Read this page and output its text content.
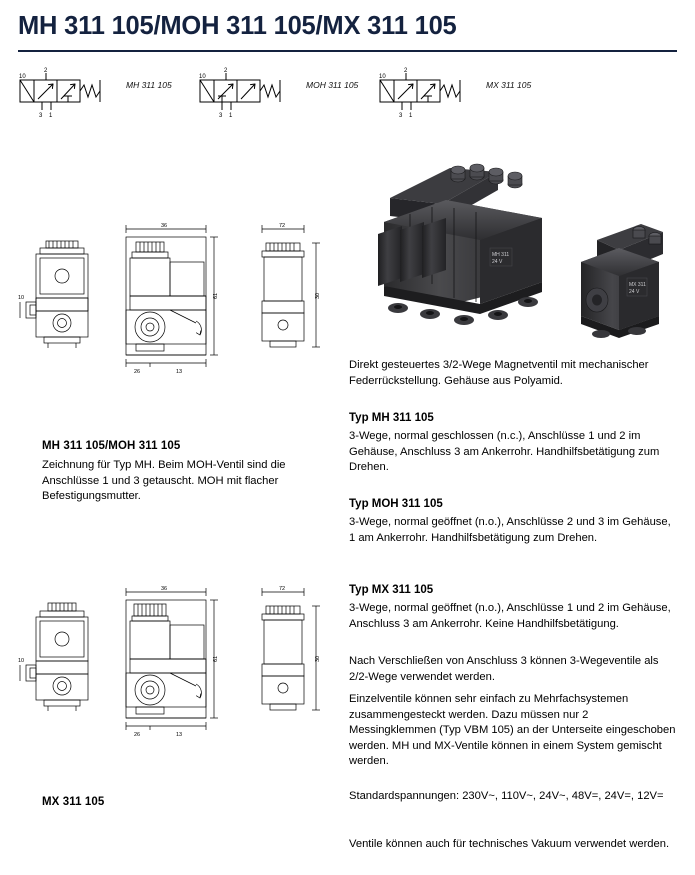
MH 311 105/MOH 311 105/MX 311 105
10
2
3 1
MH 311 105
10
2
3 1
MOH 311 105
10
2
3 1
MX 311 105
36	72
61	30
10
26	13
MH 311 105/MOH 311 105
Zeichnung für Typ MH. Beim MOH-Ventil sind die Anschlüsse 1 und 3 getauscht. MOH mit flacher Befestigungsmutter.
36	72
61	30
10
26	13
MX 311 105
MH 311
24 V
MX 311
24 V
Direkt gesteuertes 3/2-Wege Magnetventil mit mechanischer Federrückstellung. Gehäuse aus Polyamid.
Typ MH 311 105
3-Wege, normal geschlossen (n.c.), Anschlüsse 1 und 2 im Gehäuse, Anschluss 3 am Ankerrohr. Handhilfsbetätigung zum Drehen.
Typ MOH 311 105
3-Wege, normal geöffnet (n.o.), Anschlüsse 2 und 3 im Gehäuse, 1 am Ankerrohr. Handhilfsbetätigung zum Drehen.
Typ MX 311 105
3-Wege, normal geöffnet (n.o.), Anschlüsse 1 und 2 im Gehäuse, Anschluss 3 am Ankerrohr. Keine Handhilfsbetätigung.
Nach Verschließen von Anschluss 3 können 3-Wegeventile als 2/2-Wege verwendet werden.
Einzelventile können sehr einfach zu Mehrfachsystemen zusammengesteckt werden. Dazu müssen nur 2 Messingklemmen (Typ VBM 105) an der Unterseite eingeschoben werden. MH und MX-Ventile können in einem System gemischt werden.
Standardspannungen: 230V~, 110V~, 24V~, 48V=, 24V=, 12V=
Ventile können auch für technisches Vakuum verwendet werden.
